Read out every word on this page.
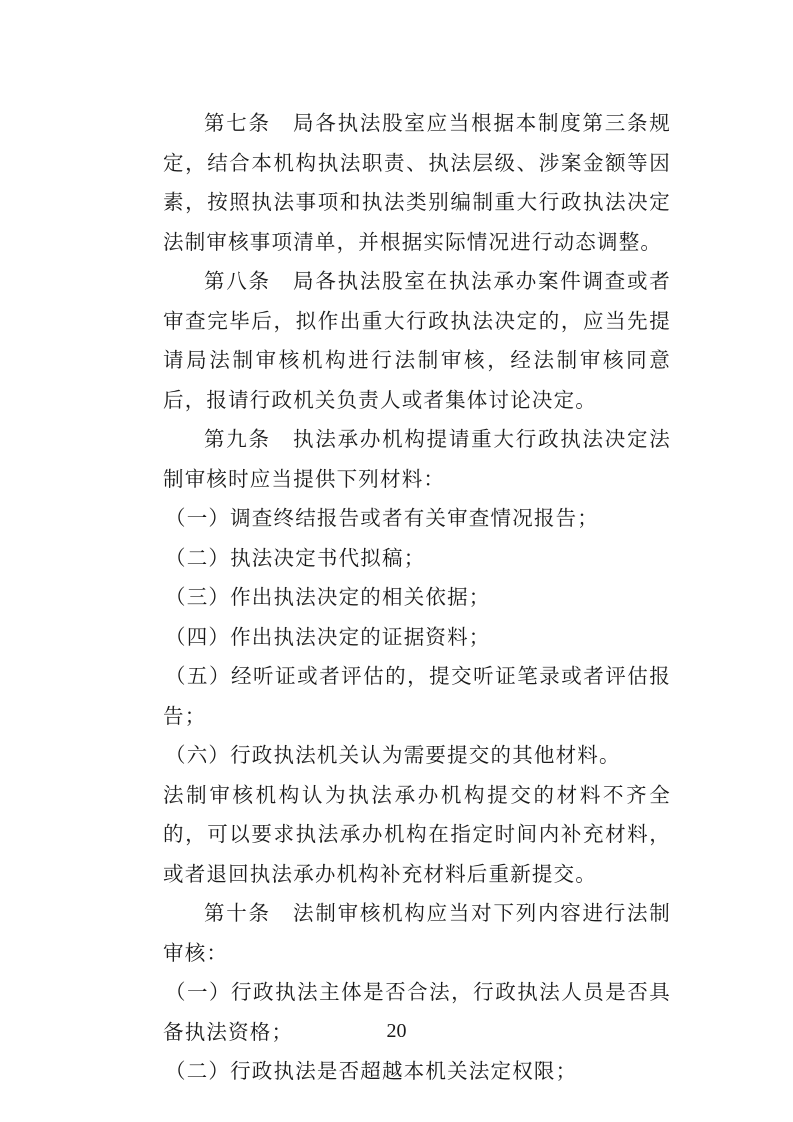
第七条　局各执法股室应当根据本制度第三条规定，结合本机构执法职责、执法层级、涉案金额等因素，按照执法事项和执法类别编制重大行政执法决定法制审核事项清单，并根据实际情况进行动态调整。

第八条　局各执法股室在执法承办案件调查或者审查完毕后，拟作出重大行政执法决定的，应当先提请局法制审核机构进行法制审核，经法制审核同意后，报请行政机关负责人或者集体讨论决定。

第九条　执法承办机构提请重大行政执法决定法制审核时应当提供下列材料：

（一）调查终结报告或者有关审查情况报告；

（二）执法决定书代拟稿；

（三）作出执法决定的相关依据；

（四）作出执法决定的证据资料；

（五）经听证或者评估的，提交听证笔录或者评估报告；

（六）行政执法机关认为需要提交的其他材料。

法制审核机构认为执法承办机构提交的材料不齐全的，可以要求执法承办机构在指定时间内补充材料，或者退回执法承办机构补充材料后重新提交。

第十条　法制审核机构应当对下列内容进行法制审核：

（一）行政执法主体是否合法，行政执法人员是否具备执法资格；

（二）行政执法是否超越本机关法定权限；

20
